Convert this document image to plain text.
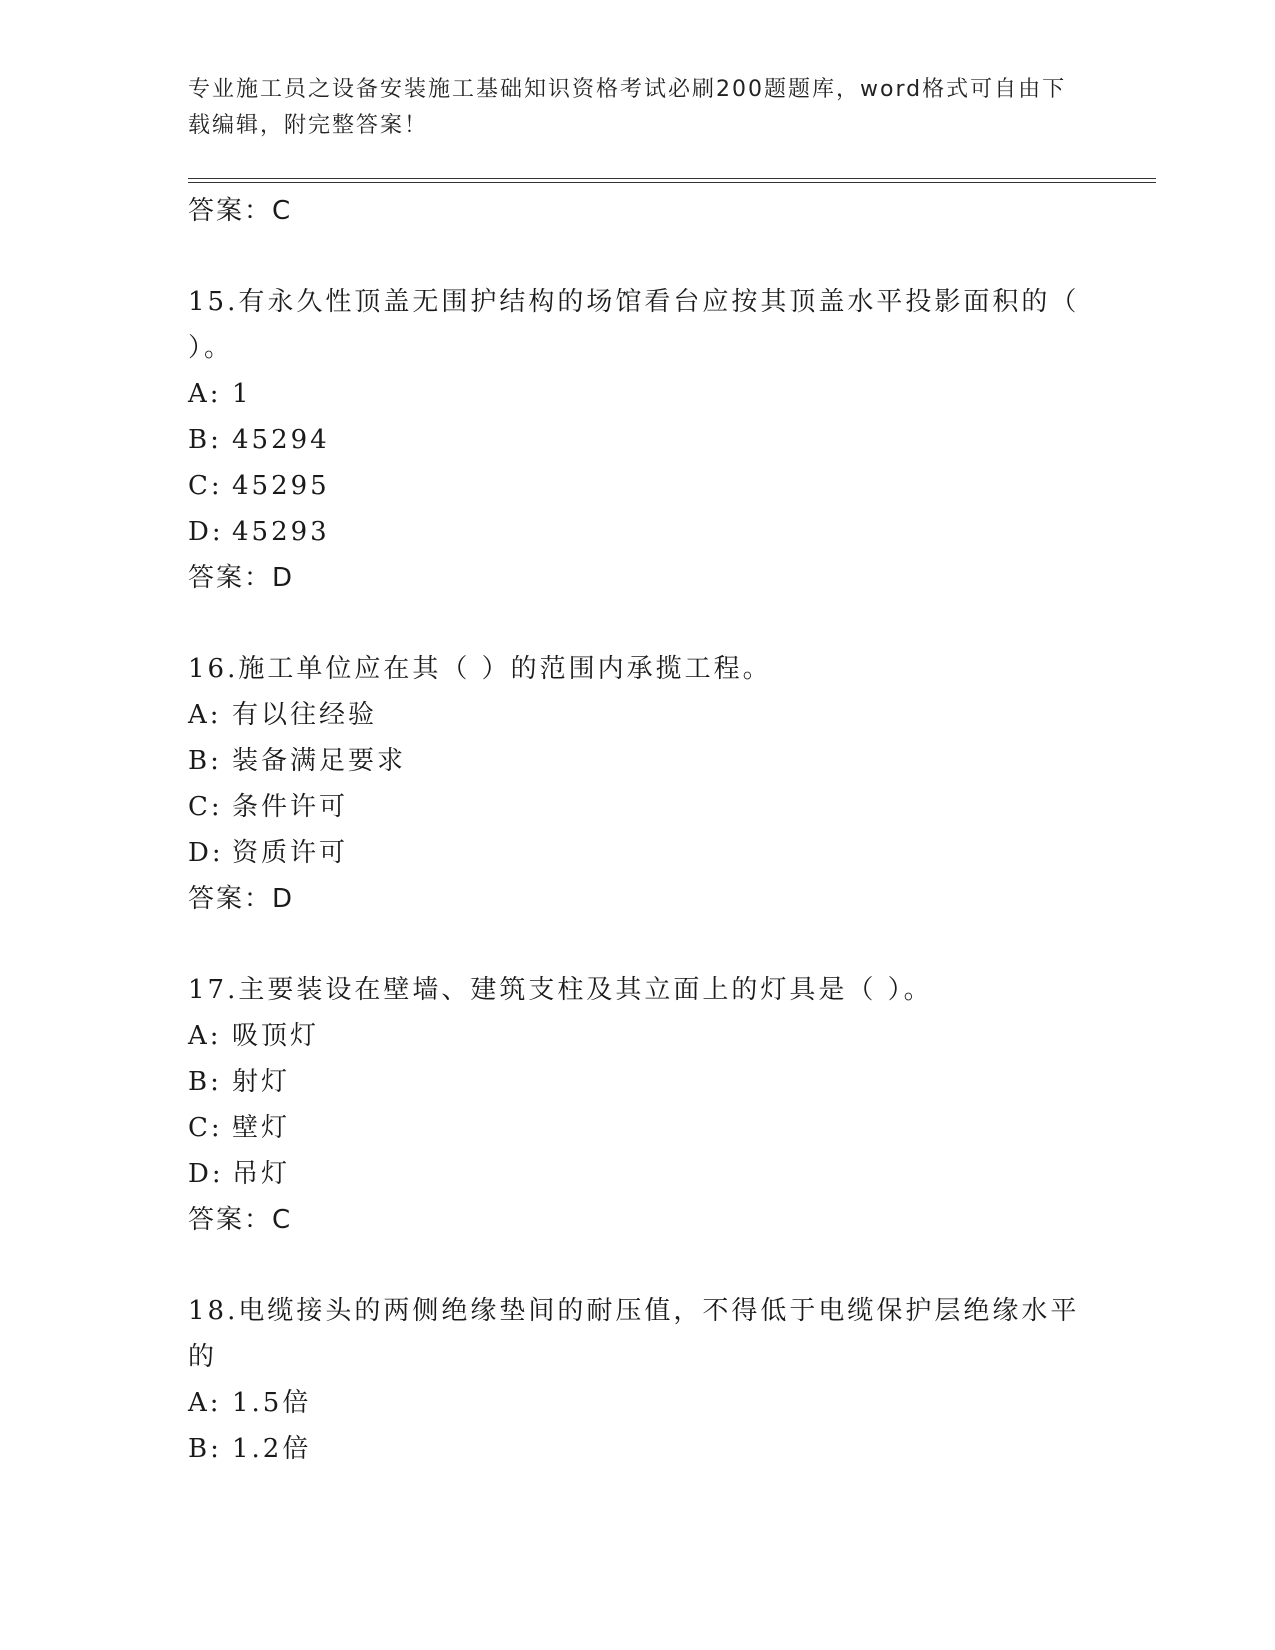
专业施工员之设备安装施工基础知识资格考试必刷200题题库，word格式可自由下载编辑，附完整答案！

答案：C

15.有永久性顶盖无围护结构的场馆看台应按其顶盖水平投影面积的（ ）。

A: 1

B: 45294

C: 45295

D: 45293

答案：D

16.施工单位应在其（ ）的范围内承揽工程。

A: 有以往经验

B: 装备满足要求

C: 条件许可

D: 资质许可

答案：D

17.主要装设在壁墙、建筑支柱及其立面上的灯具是（ ）。

A: 吸顶灯

B: 射灯

C: 壁灯

D: 吊灯

答案：C

18.电缆接头的两侧绝缘垫间的耐压值，不得低于电缆保护层绝缘水平的

A: 1.5倍

B: 1.2倍
